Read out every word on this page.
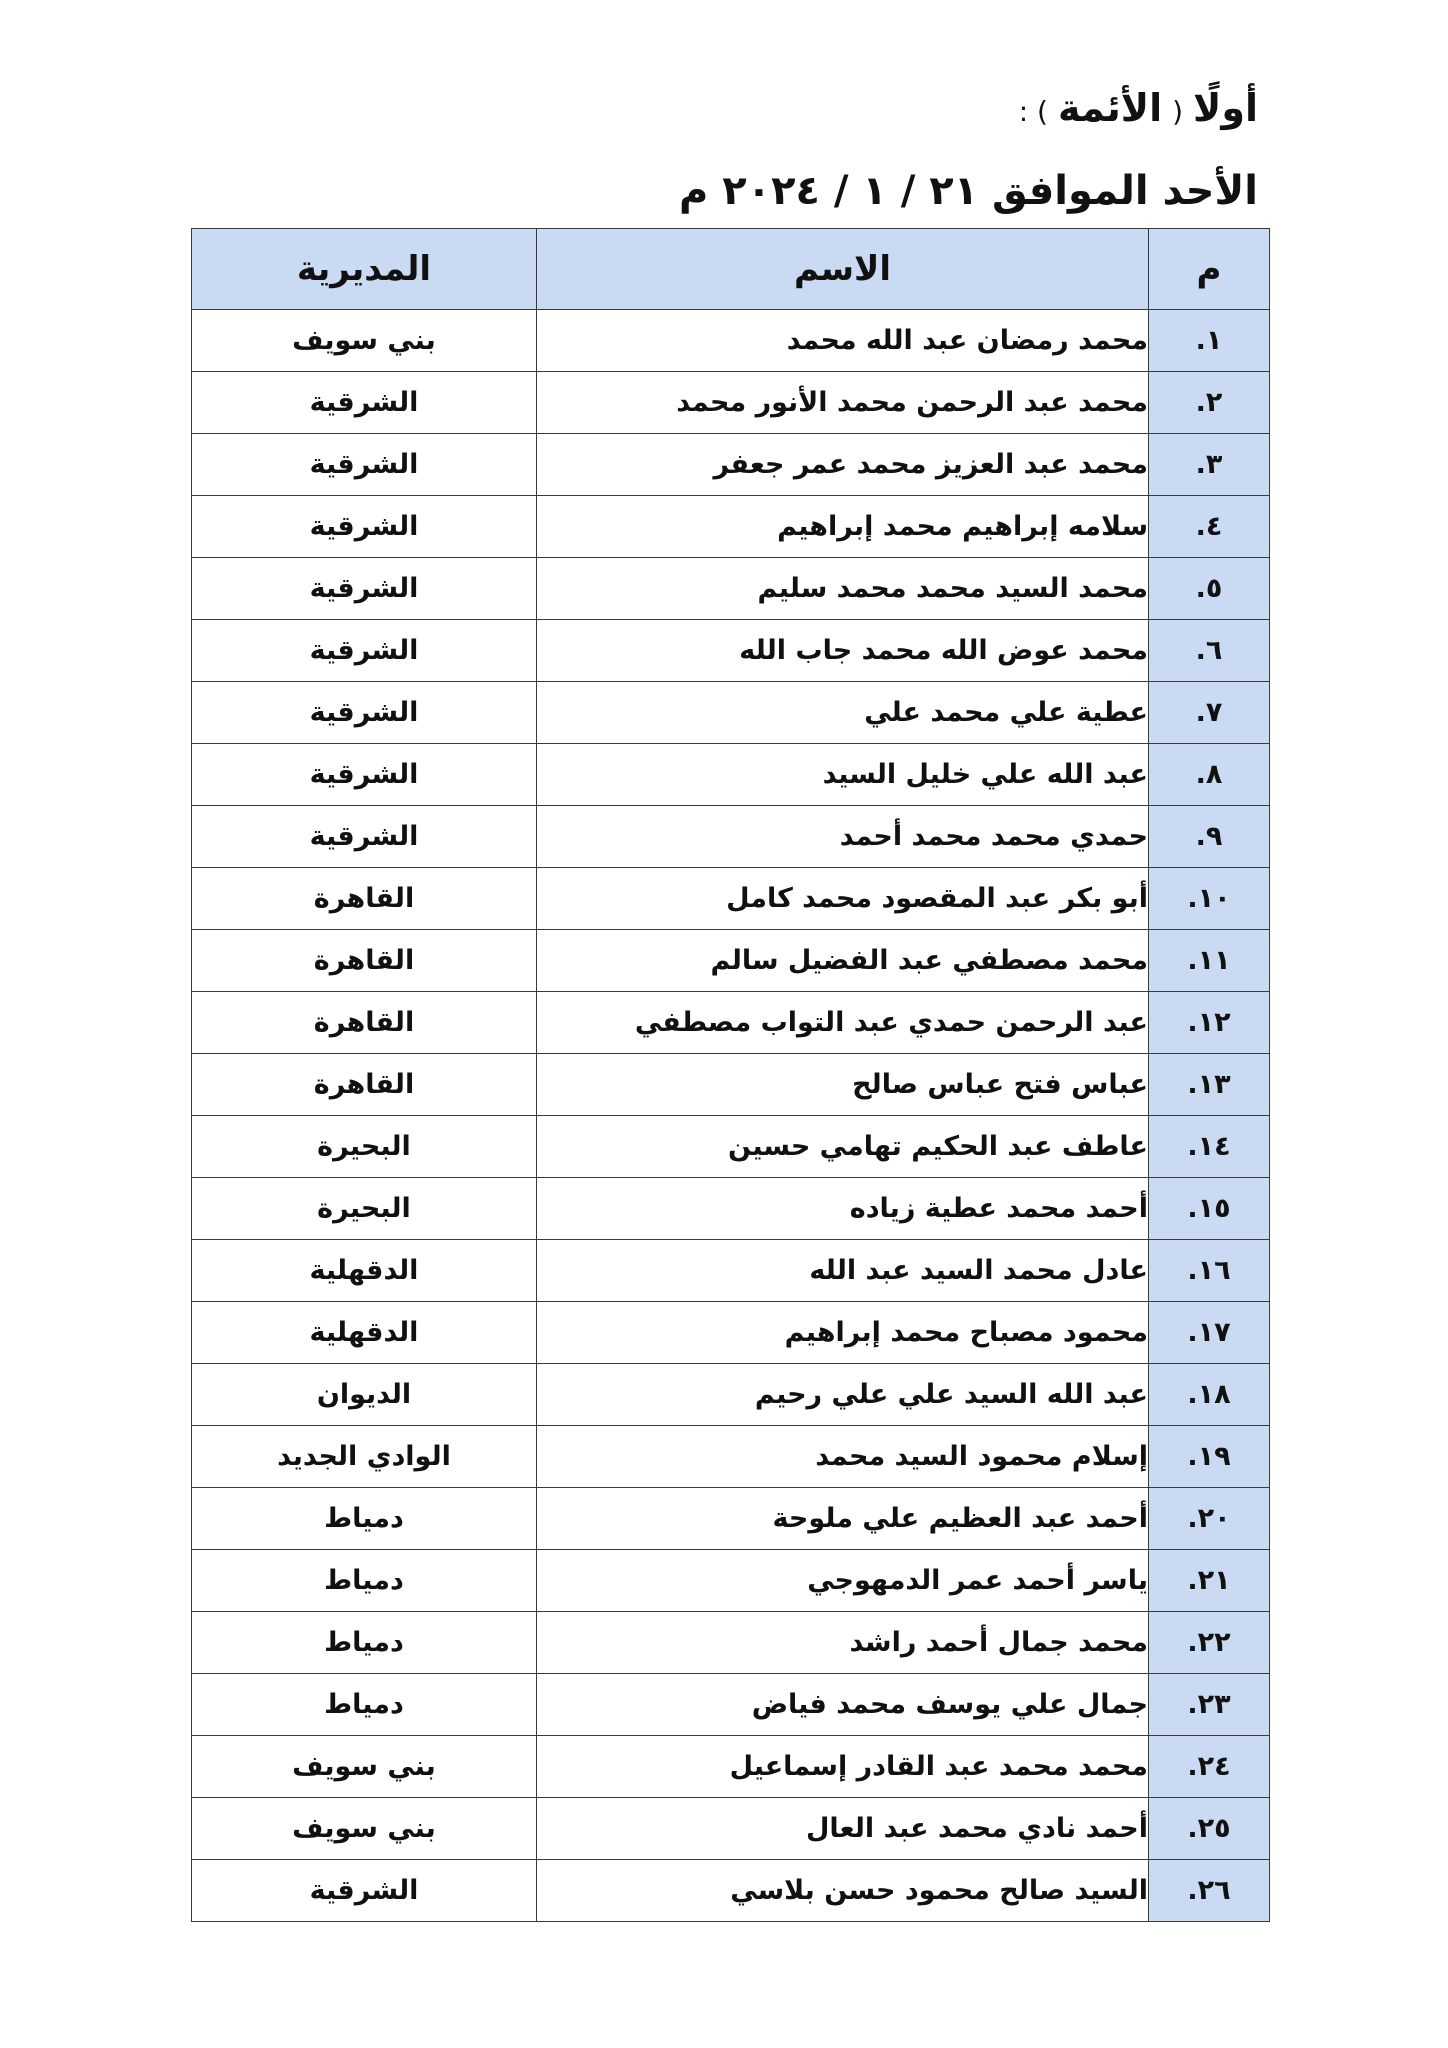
أولًا
(
الأئمة
) :
الأحد الموافق ٢١ / ١ / ٢٠٢٤ م
م	الاسم	المديرية
١.	محمد رمضان عبد الله محمد	بني سويف
٢.	محمد عبد الرحمن محمد الأنور محمد	الشرقية
٣.	محمد عبد العزيز محمد عمر جعفر	الشرقية
٤.	سلامه إبراهيم محمد إبراهيم	الشرقية
٥.	محمد السيد محمد محمد سليم	الشرقية
٦.	محمد عوض الله محمد جاب الله	الشرقية
٧.	عطية علي محمد علي	الشرقية
٨.	عبد الله علي خليل السيد	الشرقية
٩.	حمدي محمد محمد أحمد	الشرقية
١٠.	أبو بكر عبد المقصود محمد كامل	القاهرة
١١.	محمد مصطفي عبد الفضيل سالم	القاهرة
١٢.	عبد الرحمن حمدي عبد التواب مصطفي	القاهرة
١٣.	عباس فتح عباس صالح	القاهرة
١٤.	عاطف عبد الحكيم تهامي حسين	البحيرة
١٥.	أحمد محمد عطية زياده	البحيرة
١٦.	عادل محمد السيد عبد الله	الدقهلية
١٧.	محمود مصباح محمد إبراهيم	الدقهلية
١٨.	عبد الله السيد علي علي رحيم	الديوان
١٩.	إسلام محمود السيد محمد	الوادي الجديد
٢٠.	أحمد عبد العظيم علي ملوحة	دمياط
٢١.	ياسر أحمد عمر الدمهوجي	دمياط
٢٢.	محمد جمال أحمد راشد	دمياط
٢٣.	جمال علي يوسف محمد فياض	دمياط
٢٤.	محمد محمد عبد القادر إسماعيل	بني سويف
٢٥.	أحمد نادي محمد عبد العال	بني سويف
٢٦.	السيد صالح محمود حسن بلاسي	الشرقية
